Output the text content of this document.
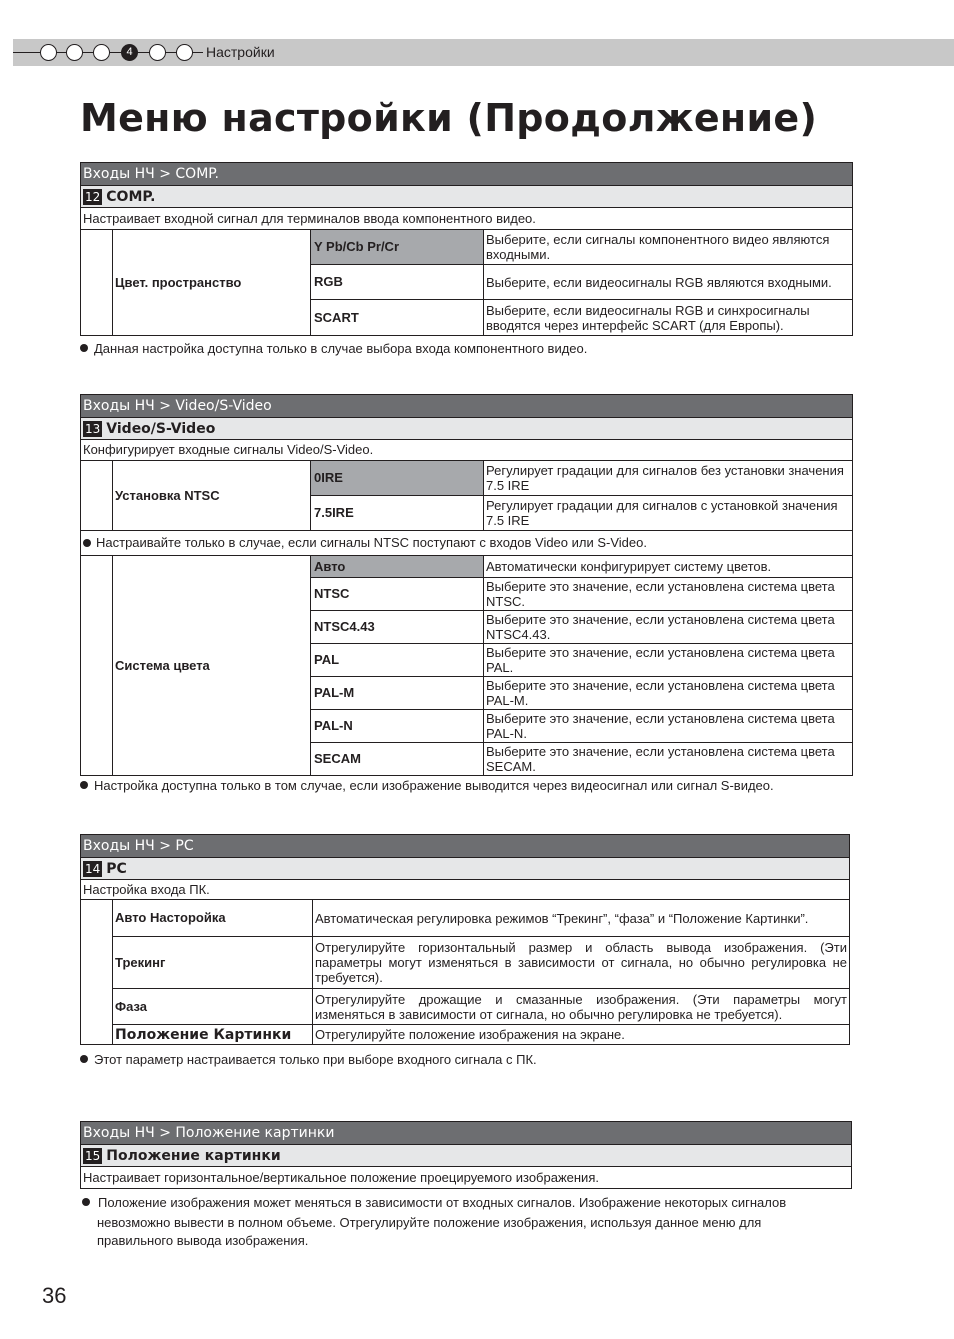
4	Настройки
Меню настройки (Продолжение)
Входы НЧ > COMP.			
12 COMP.			
Настраивает входной сигнал для терминалов ввода компонентного видео.			
	Цвет. пространство	Y Pb/Cb Pr/Cr	Выберите, если сигналы компонентного видео являются входными.
		RGB	Выберите, если видеосигналы RGB являются входными.
		SCART	Выберите, если видеосигналы RGB и синхросигналы вводятся через интерфейс SCART (для Европы).
Данная настройка доступна только в случае выбора входа компонентного видео.
Входы НЧ > Video/S-Video			
13 Video/S-Video			
Конфигурирует входные сигналы Video/S-Video.			
	Установка NTSC	0IRE	Регулирует градации для сигналов без установки значения 7.5 IRE
		7.5IRE	Регулирует градации для сигналов с установкой значения 7.5 IRE
Настраивайте только в случае, если сигналы NTSC поступают с входов Video или S-Video.			
	Система цвета	Авто	Автоматически конфигурирует систему цветов.
		NTSC	Выберите это значение, если установлена система цвета NTSC.
		NTSC4.43	Выберите это значение, если установлена система цвета NTSC4.43.
		PAL	Выберите это значение, если установлена система цвета PAL.
		PAL-M	Выберите это значение, если установлена система цвета PAL-M.
		PAL-N	Выберите это значение, если установлена система цвета PAL-N.
		SECAM	Выберите это значение, если установлена система цвета SECAM.
Настройка доступна только в том случае, если изображение выводится через видеосигнал или сигнал S-видео.
Входы НЧ > PC		
14 PC		
Настройка входа ПК.		
	Авто Насторойка	Автоматическая регулировка режимов “Трекинг”, “фаза” и “Положение Картинки”.
	Трекинг	Отрегулируйте горизонтальный размер и область вывода изображения. (Эти параметры могут изменяться в зависимости от сигнала, но обычно регулировка не требуется).
	Фаза	Отрегулируйте дрожащие и смазанные изображения. (Эти параметры могут изменяться в зависимости от сигнала, но обычно регулировка не требуется).
	Положение Картинки	Отрегулируйте положение изображения на экране.
Этот параметр настраивается только при выборе входного сигнала с ПК.
Входы НЧ > Положение картинки
15 Положение картинки
Настраивает горизонтальное/вертикальное положение проецируемого изображения.
Положение изображения может меняться в зависимости от входных сигналов. Изображение некоторых сигналов
невозможно вывести в полном объеме. Отрегулируйте положение изображения, используя данное меню для
правильного вывода изображения.
36
